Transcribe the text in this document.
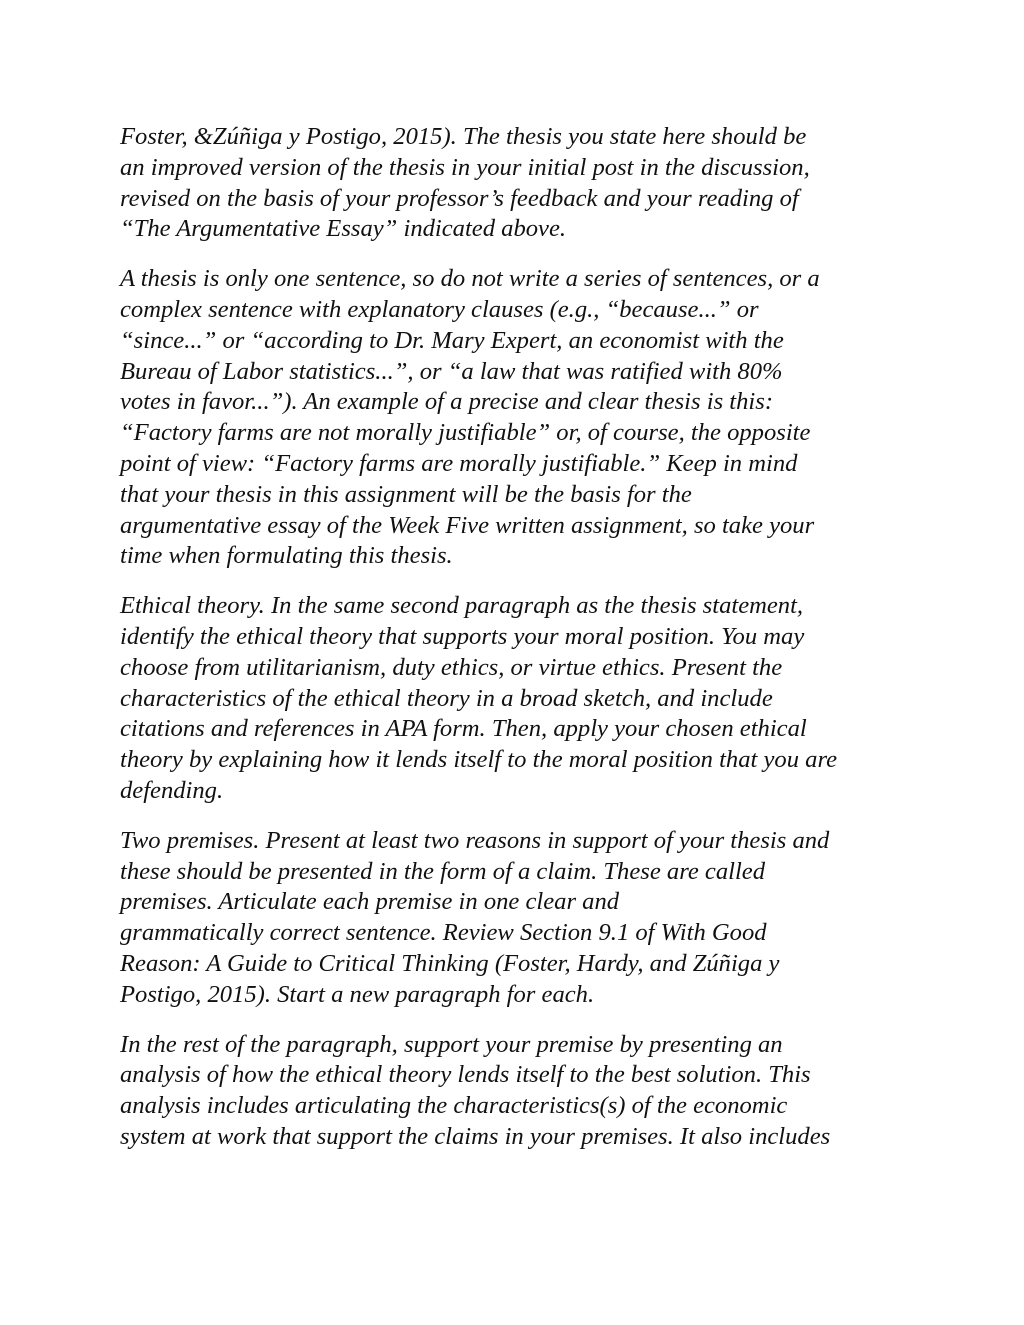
Foster, &Zúñiga y Postigo, 2015). The thesis you state here should be
an improved version of the thesis in your initial post in the discussion,
revised on the basis of your professor’s feedback and your reading of
“The Argumentative Essay” indicated above.

A thesis is only one sentence, so do not write a series of sentences, or a
complex sentence with explanatory clauses (e.g., “because...” or
“since...” or “according to Dr. Mary Expert, an economist with the
Bureau of Labor statistics...”, or “a law that was ratified with 80%
votes in favor...”). An example of a precise and clear thesis is this:
“Factory farms are not morally justifiable” or, of course, the opposite
point of view: “Factory farms are morally justifiable.” Keep in mind
that your thesis in this assignment will be the basis for the
argumentative essay of the Week Five written assignment, so take your
time when formulating this thesis.

Ethical theory. In the same second paragraph as the thesis statement,
identify the ethical theory that supports your moral position. You may
choose from utilitarianism, duty ethics, or virtue ethics. Present the
characteristics of the ethical theory in a broad sketch, and include
citations and references in APA form. Then, apply your chosen ethical
theory by explaining how it lends itself to the moral position that you are
defending.

Two premises. Present at least two reasons in support of your thesis and
these should be presented in the form of a claim. These are called
premises. Articulate each premise in one clear and
grammatically correct sentence. Review Section 9.1 of With Good
Reason: A Guide to Critical Thinking (Foster, Hardy, and Zúñiga y
Postigo, 2015). Start a new paragraph for each.

In the rest of the paragraph, support your premise by presenting an
analysis of how the ethical theory lends itself to the best solution. This
analysis includes articulating the characteristics(s) of the economic
system at work that support the claims in your premises. It also includes
